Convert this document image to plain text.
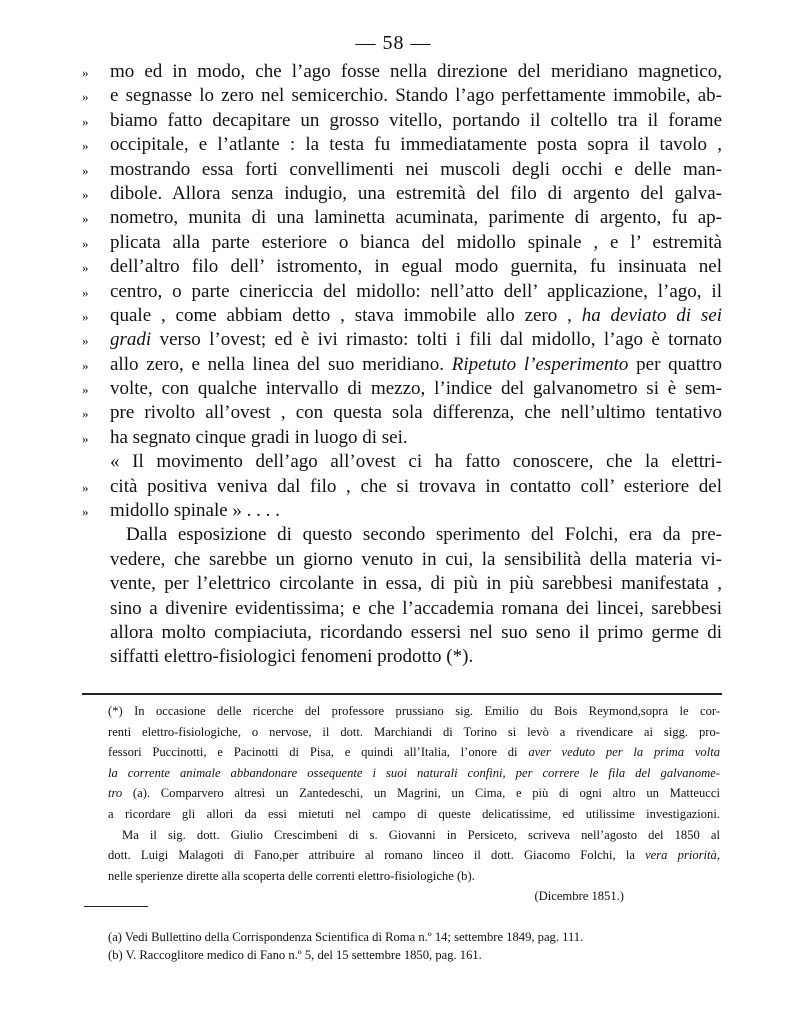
— 58 —
» mo ed in modo, che l’ago fosse nella direzione del meridiano magnetico,
» e segnasse lo zero nel semicerchio. Stando l’ago perfettamente immobile, ab-
» biamo fatto decapitare un grosso vitello, portando il coltello tra il forame
» occipitale, e l’atlante : la testa fu immediatamente posta sopra il tavolo ,
» mostrando essa forti convellimenti nei muscoli degli occhi e delle man-
» dibole. Allora senza indugio, una estremità del filo di argento del galva-
» nometro, munita di una laminetta acuminata, parimente di argento, fu ap-
» plicata alla parte esteriore o bianca del midollo spinale , e l’ estremità
» dell’altro filo dell’ istromento, in egual modo guernita, fu insinuata nel
» centro, o parte cinericcia del midollo: nell’atto dell’ applicazione, l’ago, il
» quale , come abbiam detto , stava immobile allo zero , ha deviato di sei
» gradi verso l’ovest; ed è ivi rimasto: tolti i fili dal midollo, l’ago è tornato
» allo zero, e nella linea del suo meridiano. Ripetuto l’esperimento per quattro
» volte, con qualche intervallo di mezzo, l’indice del galvanometro si è sem-
» pre rivolto all’ovest , con questa sola differenza, che nell’ultimo tentativo
» ha segnato cinque gradi in luogo di sei.
« Il movimento dell’ago all’ovest ci ha fatto conoscere, che la elettri-
» cità positiva veniva dal filo , che si trovava in contatto coll’ esteriore del
» midollo spinale » . . . .
Dalla esposizione di questo secondo sperimento del Folchi, era da pre-
vedere, che sarebbe un giorno venuto in cui, la sensibilità della materia vi-
vente, per l’elettrico circolante in essa, di più in più sarebbesi manifestata ,
sino a divenire evidentissima; e che l’accademia romana dei lincei, sarebbesi
allora molto compiaciuta, ricordando essersi nel suo seno il primo germe di
siffatti elettro-fisiologici fenomeni prodotto (*).
(*) In occasione delle ricerche del professore prussiano sig. Emilio du Bois Reymond,sopra le cor-
renti elettro-fisiologiche, o nervose, il dott. Marchiandi di Torino si levò a rivendicare ai sigg. pro-
fessori Puccinotti, e Pacinotti di Pisa, e quindi all’Italia, l’onore di aver veduto per la prima volta
la corrente animale abbandonare ossequente i suoi naturali confini, per correre le fila del galvanome-
tro (a). Comparvero altresì un Zantedeschi, un Magrini, un Cima, e più di ogni altro un Matteucci
a ricordare gli allori da essi mietuti nel campo di queste delicatissime, ed utilissime investigazioni.
Ma il sig. dott. Giulio Crescimbeni di s. Giovanni in Persiceto, scriveva nell’agosto del 1850 al
dott. Luigi Malagoti di Fano,per attribuire al romano linceo il dott. Giacomo Folchi, la vera priorità,
nelle sperienze dirette alla scoperta delle correnti elettro-fisiologiche (b).
(Dicembre 1851.)
(a) Vedi Bullettino della Corrispondenza Scientifica di Roma n.º 14; settembre 1849, pag. 111.
(b) V. Raccoglitore medico di Fano n.º 5, del 15 settembre 1850, pag. 161.
